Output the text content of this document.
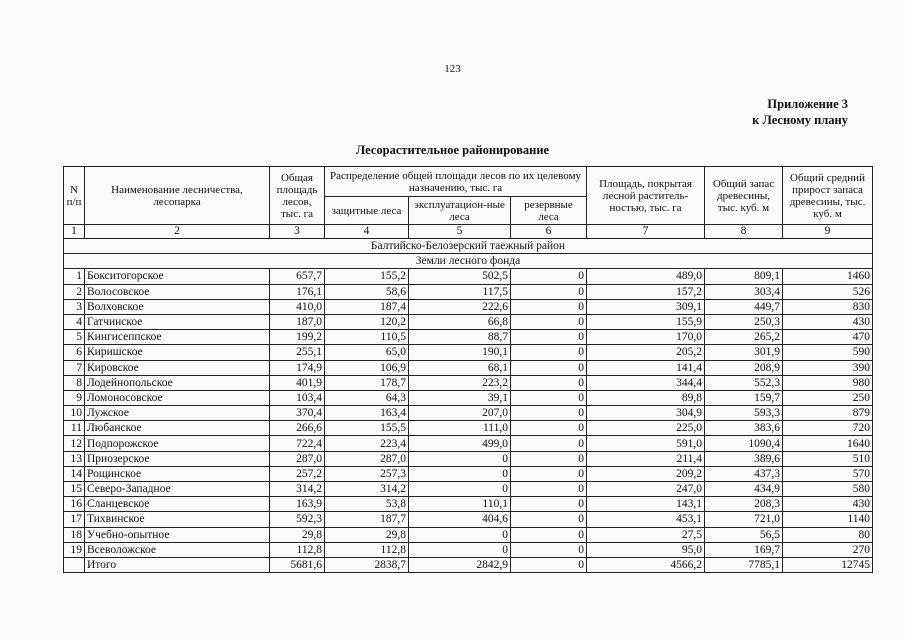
123
Приложение 3
к Лесному плану
Лесорастительное районирование
N п/п	Наименование лесничества, лесопарка	Общая площадь лесов, тыс. га	Распределение общей площади лесов по их целевому назначению, тыс. га			Площадь, покрытая лесной раститель-ностью, тыс. га	Общий запас древесины, тыс. куб. м	Общий средний прирост запаса древесины, тыс. куб. м
			защитные леса	эксплуатацион-ные леса	резервные леса			
1	2	3	4	5	6	7	8	9
Балтийско-Белозерский таежный район								
Земли лесного фонда								
1	Бокситогорское	657,7	155,2	502,5	0	489,0	809,1	1460
2	Волосовское	176,1	58,6	117,5	0	157,2	303,4	526
3	Волховское	410,0	187,4	222,6	0	309,1	449,7	830
4	Гатчинское	187,0	120,2	66,8	0	155,9	250,3	430
5	Кингисеппское	199,2	110,5	88,7	0	170,0	265,2	470
6	Киришское	255,1	65,0	190,1	0	205,2	301,9	590
7	Кировское	174,9	106,9	68,1	0	141,4	208,9	390
8	Лодейнопольское	401,9	178,7	223,2	0	344,4	552,3	980
9	Ломоносовское	103,4	64,3	39,1	0	89,8	159,7	250
10	Лужское	370,4	163,4	207,0	0	304,9	593,3	879
11	Любанское	266,6	155,5	111,0	0	225,0	383,6	720
12	Подпорожское	722,4	223,4	499,0	0	591,0	1090,4	1640
13	Приозерское	287,0	287,0	0	0	211,4	389,6	510
14	Рощинское	257,2	257,3	0	0	209,2	437,3	570
15	Северо-Западное	314,2	314,2	0	0	247,0	434,9	580
16	Сланцевское	163,9	53,8	110,1	0	143,1	208,3	430
17	Тихвинское	592,3	187,7	404,6	0	453,1	721,0	1140
18	Учебно-опытное	29,8	29,8	0	0	27,5	56,5	80
19	Всеволожское	112,8	112,8	0	0	95,0	169,7	270
	Итого	5681,6	2838,7	2842,9	0	4566,2	7785,1	12745
